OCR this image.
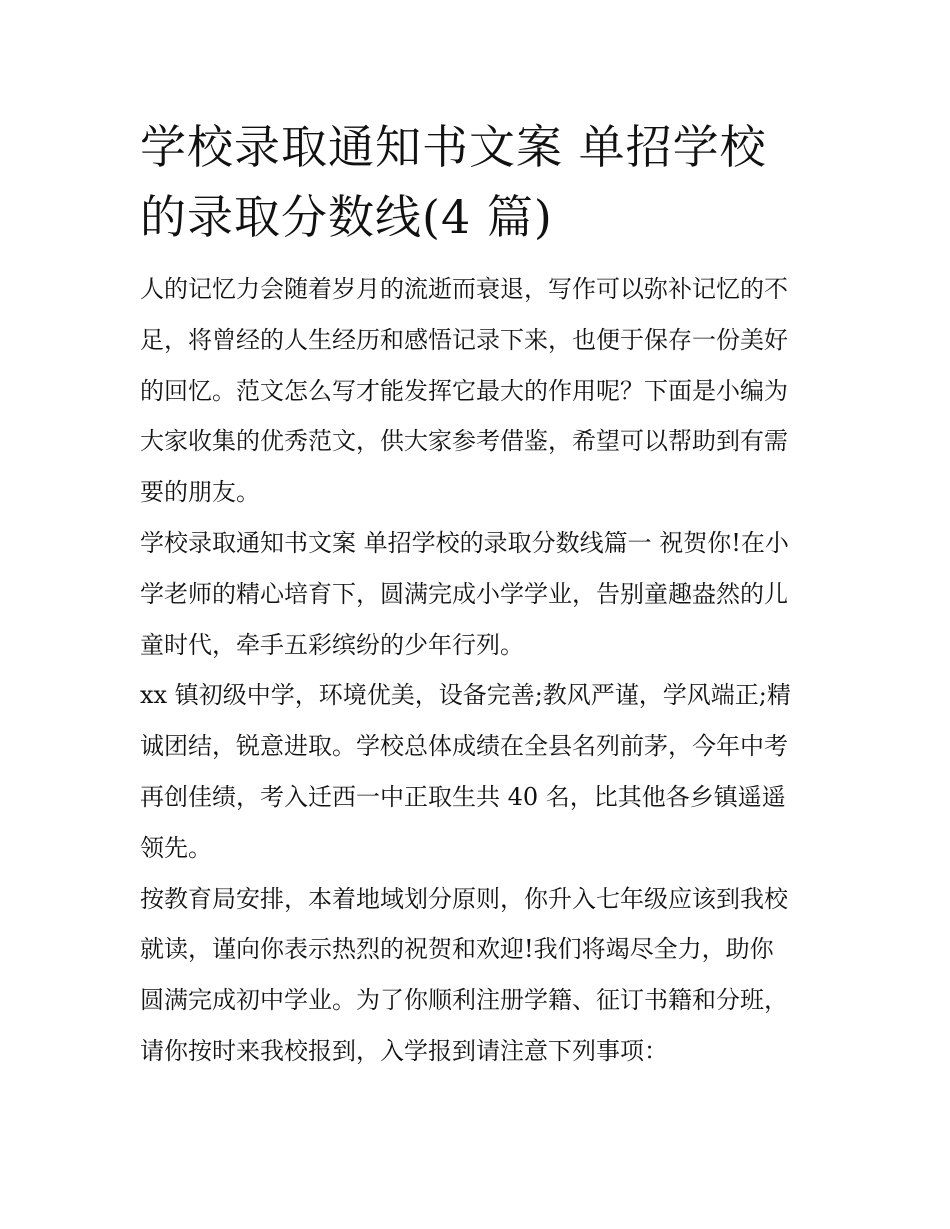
学校录取通知书文案 单招学校
的录取分数线(4 篇)

人的记忆力会随着岁月的流逝而衰退，写作可以弥补记忆的不
足，将曾经的人生经历和感悟记录下来，也便于保存一份美好
的回忆。范文怎么写才能发挥它最大的作用呢？下面是小编为
大家收集的优秀范文，供大家参考借鉴，希望可以帮助到有需
要的朋友。

学校录取通知书文案 单招学校的录取分数线篇一 祝贺你!在小
学老师的精心培育下，圆满完成小学学业，告别童趣盎然的儿
童时代，牵手五彩缤纷的少年行列。

xx 镇初级中学，环境优美，设备完善;教风严谨，学风端正;精
诚团结，锐意进取。学校总体成绩在全县名列前茅，今年中考
再创佳绩，考入迁西一中正取生共 40 名，比其他各乡镇遥遥
领先。

按教育局安排，本着地域划分原则，你升入七年级应该到我校
就读，谨向你表示热烈的祝贺和欢迎!我们将竭尽全力，助你
圆满完成初中学业。为了你顺利注册学籍、征订书籍和分班，
请你按时来我校报到，入学报到请注意下列事项：
